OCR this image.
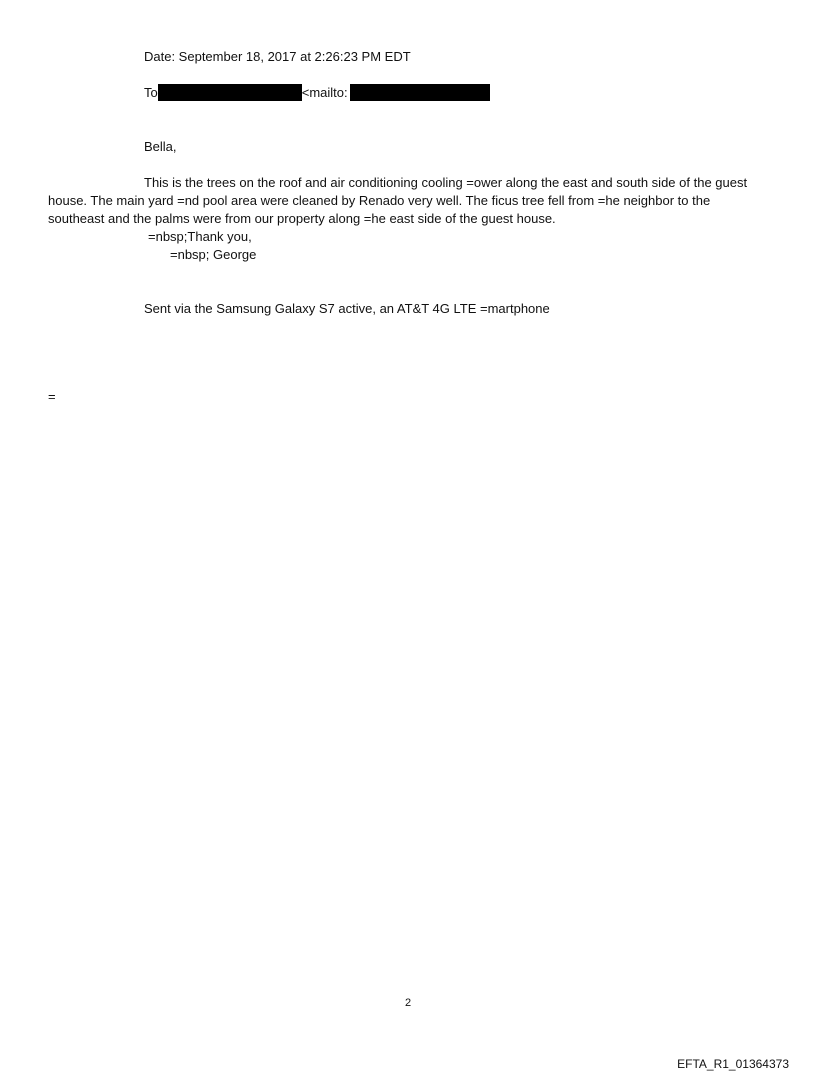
Date: September 18, 2017 at 2:26:23 PM EDT
To	<mailto:
Bella,
This is the trees on the roof and air conditioning cooling =ower along the east and south side of the guest house. The main yard =nd pool area were cleaned by Renado very well. The ficus tree fell from =he neighbor to the southeast and the palms were from our property along =he east side of the guest house.
=nbsp;Thank you,
=nbsp; George
Sent via the Samsung Galaxy S7 active, an AT&T 4G LTE =martphone
=
2
EFTA_R1_01364373
